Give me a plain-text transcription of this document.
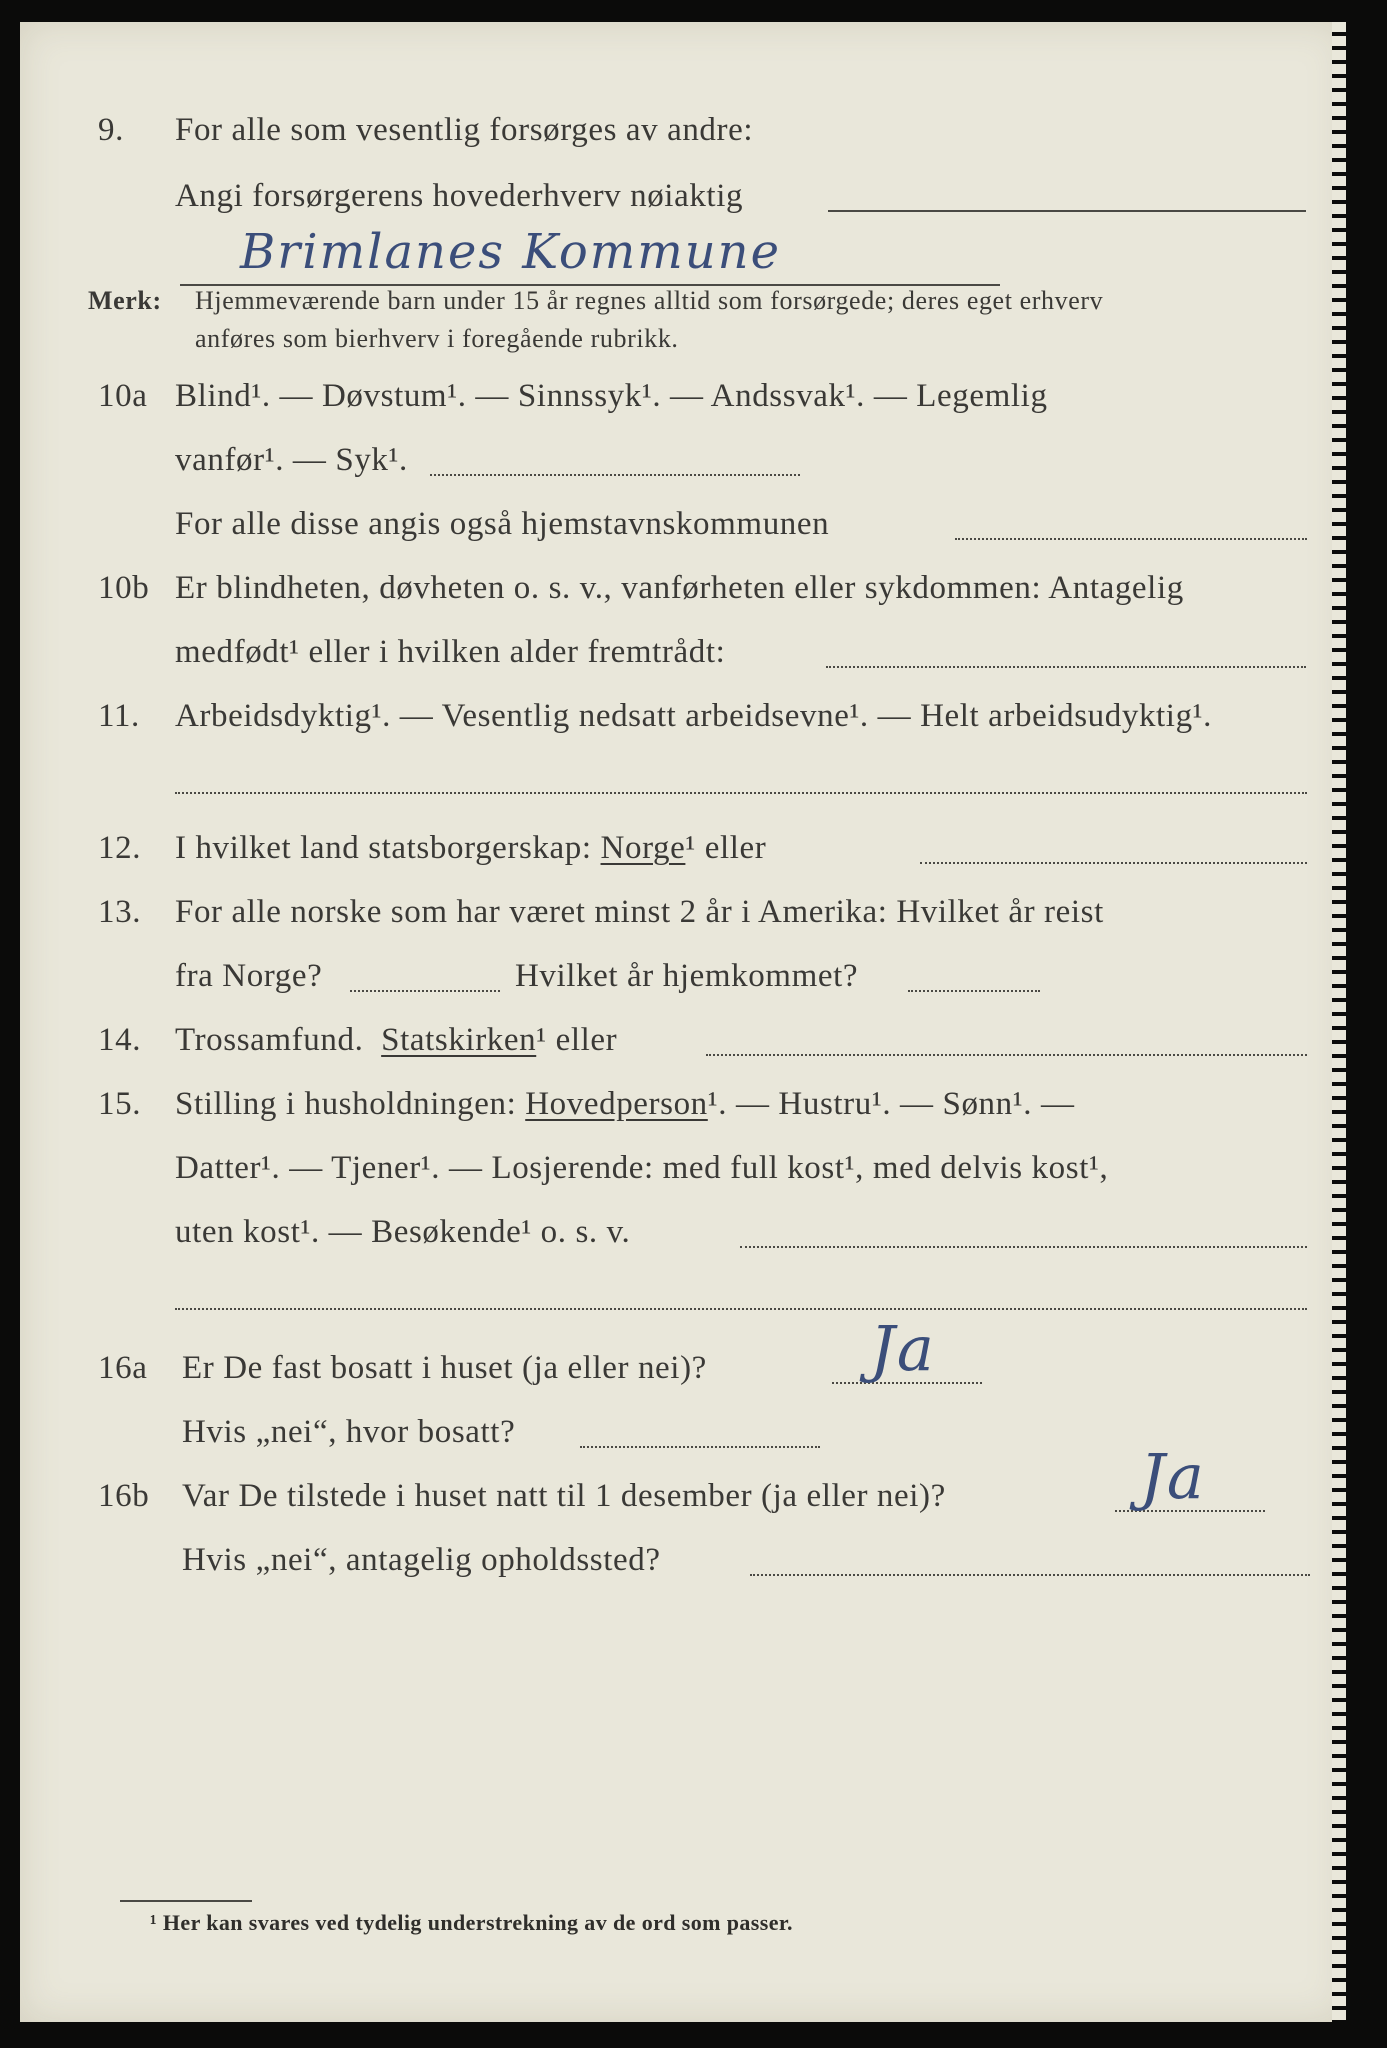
9. For alle som vesentlig forsørges av andre:
Angi forsørgerens hovederhverv nøiaktig
Brimlanes Kommune
Merk: Hjemmeværende barn under 15 år regnes alltid som forsørgede; deres eget erhverv
anføres som bierhverv i foregående rubrikk.
10a Blind¹. — Døvstum¹. — Sinnssyk¹. — Andssvak¹. — Legemlig
vanfør¹. — Syk¹.
For alle disse angis også hjemstavnskommunen
10b Er blindheten, døvheten o. s. v., vanførheten eller sykdommen: Antagelig
medfødt¹ eller i hvilken alder fremtrådt:
11. Arbeidsdyktig¹. — Vesentlig nedsatt arbeidsevne¹. — Helt arbeidsudyktig¹.
12. I hvilket land statsborgerskap: Norge¹ eller
13. For alle norske som har været minst 2 år i Amerika: Hvilket år reist
fra Norge?	Hvilket år hjemkommet?
14. Trossamfund. Statskirken¹ eller
15. Stilling i husholdningen: Hovedperson¹. — Hustru¹. — Sønn¹. —
Datter¹. — Tjener¹. — Losjerende: med full kost¹, med delvis kost¹,
uten kost¹. — Besøkende¹ o. s. v.
16a Er De fast bosatt i huset (ja eller nei)?	Ja
Hvis „nei“, hvor bosatt?
16b Var De tilstede i huset natt til 1 desember (ja eller nei)?	Ja
Hvis „nei“, antagelig opholdssted?
¹ Her kan svares ved tydelig understrekning av de ord som passer.
